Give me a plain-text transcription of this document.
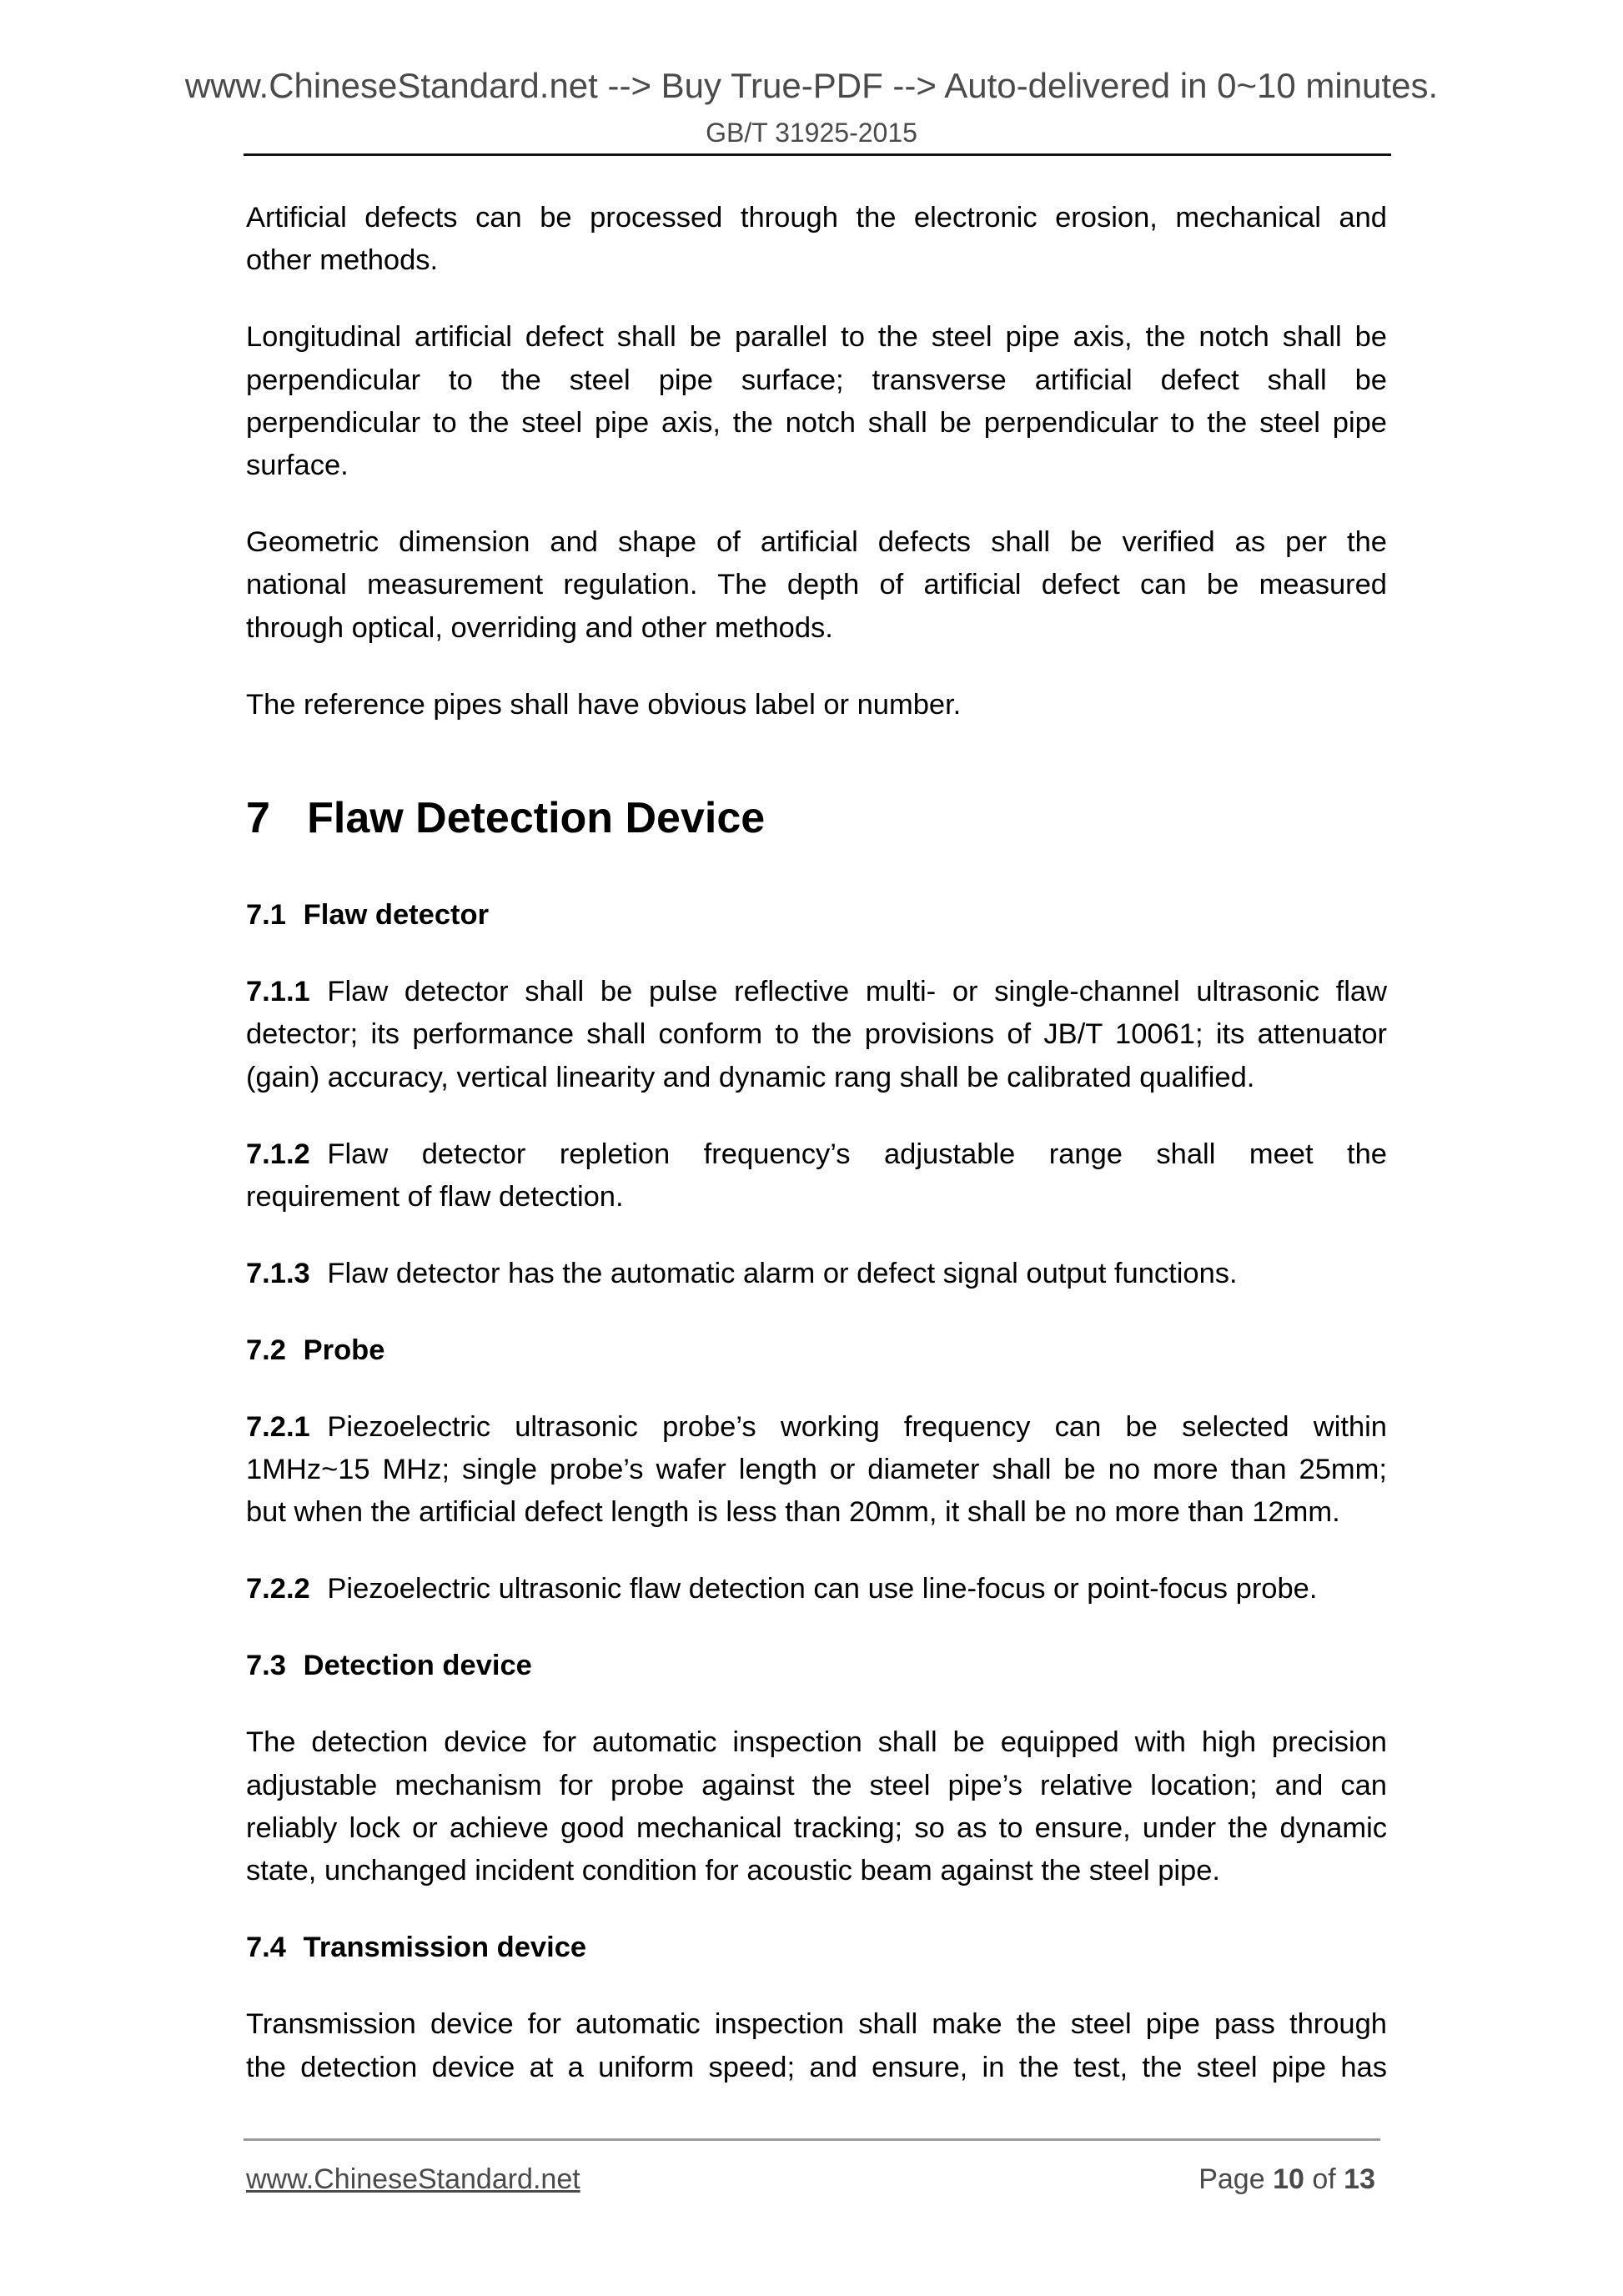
www.ChineseStandard.net --> Buy True-PDF --> Auto-delivered in 0~10 minutes.
GB/T 31925-2015
Artificial defects can be processed through the electronic erosion, mechanical and
other methods.
Longitudinal artificial defect shall be parallel to the steel pipe axis, the notch shall be
perpendicular to the steel pipe surface; transverse artificial defect shall be
perpendicular to the steel pipe axis, the notch shall be perpendicular to the steel pipe
surface.
Geometric dimension and shape of artificial defects shall be verified as per the
national measurement regulation. The depth of artificial defect can be measured
through optical, overriding and other methods.
The reference pipes shall have obvious label or number.
7 Flaw Detection Device
7.1 Flaw detector
7.1.1 Flaw detector shall be pulse reflective multi- or single-channel ultrasonic flaw
detector; its performance shall conform to the provisions of JB/T 10061; its attenuator
(gain) accuracy, vertical linearity and dynamic rang shall be calibrated qualified.
7.1.2 Flaw detector repletion frequency’s adjustable range shall meet the
requirement of flaw detection.
7.1.3 Flaw detector has the automatic alarm or defect signal output functions.
7.2 Probe
7.2.1 Piezoelectric ultrasonic probe’s working frequency can be selected within
1MHz~15 MHz; single probe’s wafer length or diameter shall be no more than 25mm;
but when the artificial defect length is less than 20mm, it shall be no more than 12mm.
7.2.2 Piezoelectric ultrasonic flaw detection can use line-focus or point-focus probe.
7.3 Detection device
The detection device for automatic inspection shall be equipped with high precision
adjustable mechanism for probe against the steel pipe’s relative location; and can
reliably lock or achieve good mechanical tracking; so as to ensure, under the dynamic
state, unchanged incident condition for acoustic beam against the steel pipe.
7.4 Transmission device
Transmission device for automatic inspection shall make the steel pipe pass through
the detection device at a uniform speed; and ensure, in the test, the steel pipe has
www.ChineseStandard.net	Page 10 of 13
